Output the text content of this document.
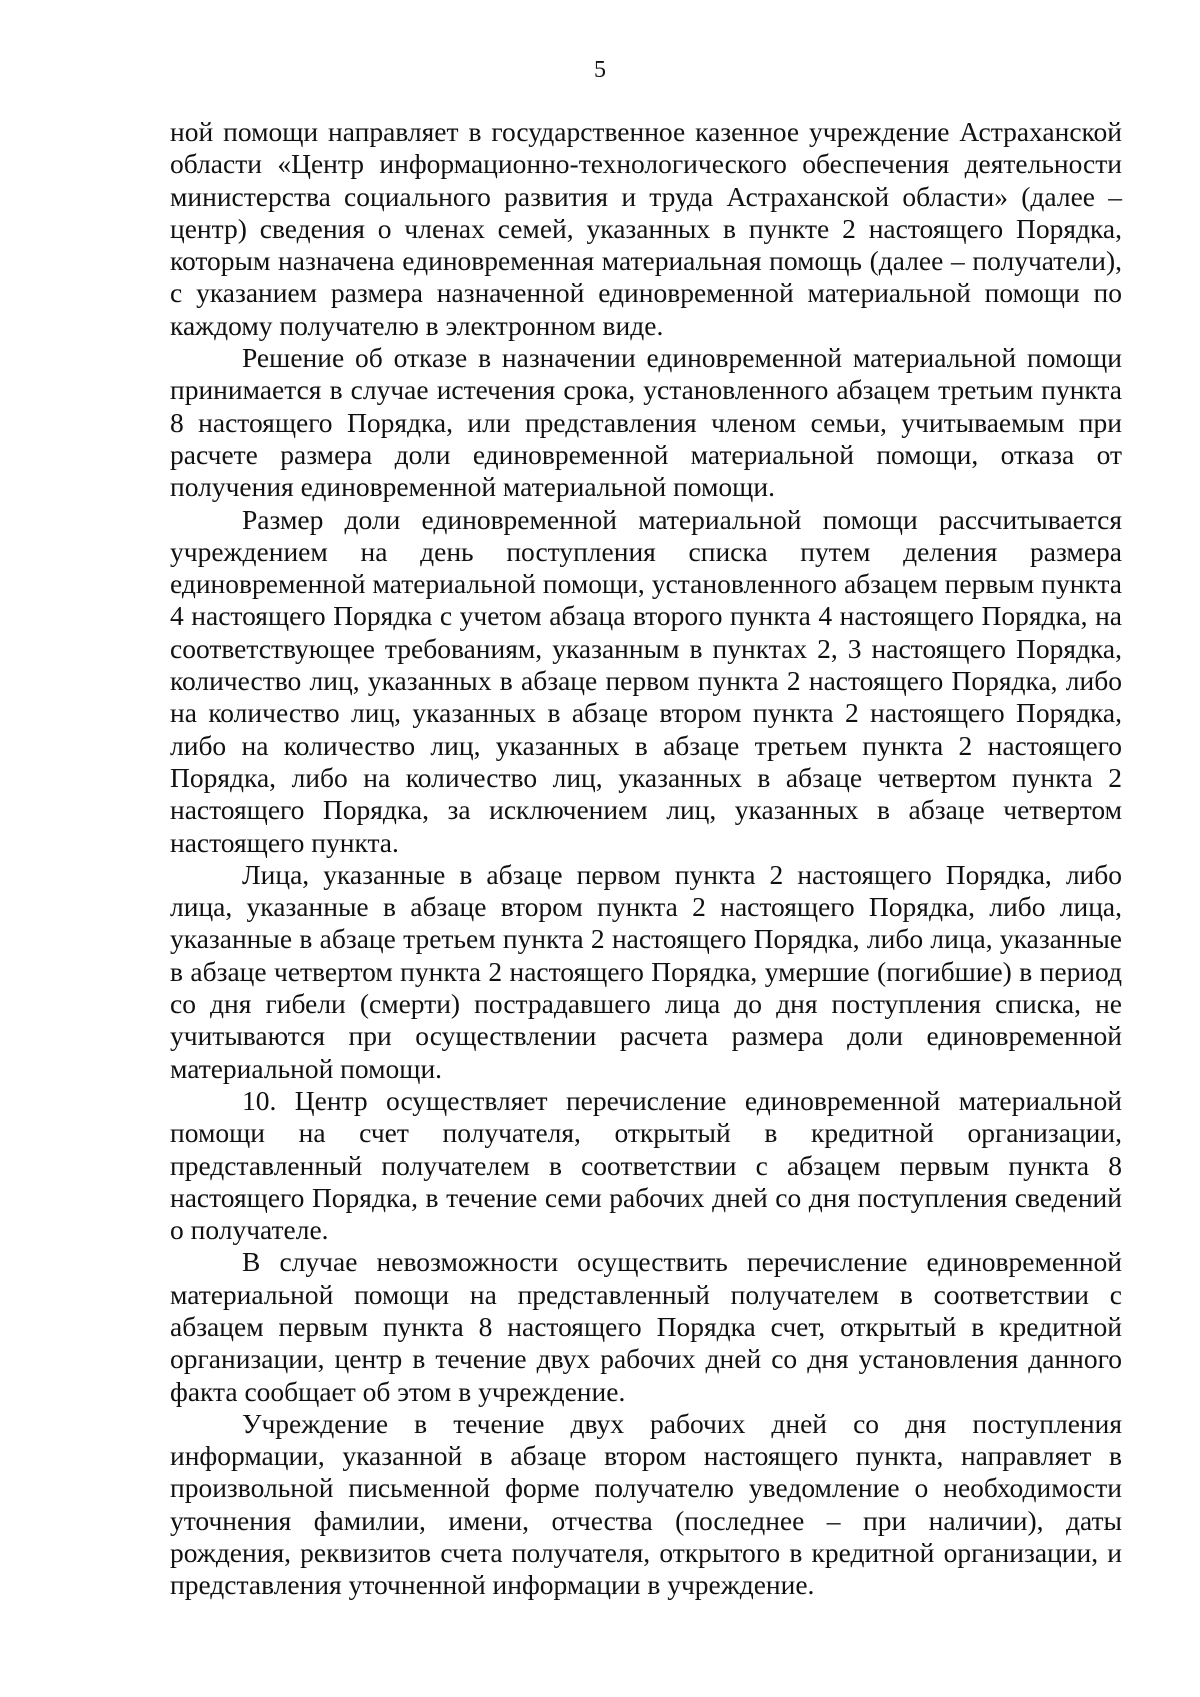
5

ной помощи направляет в государственное казенное учреждение Астраханской области «Центр информационно-технологического обеспечения деятельности министерства социального развития и труда Астраханской области» (далее – центр) сведения о членах семей, указанных в пункте 2 настоящего Порядка, которым назначена единовременная материальная помощь (далее – получатели), с указанием размера назначенной единовременной материальной помощи по каждому получателю в электронном виде.

Решение об отказе в назначении единовременной материальной помощи принимается в случае истечения срока, установленного абзацем третьим пункта 8 настоящего Порядка, или представления членом семьи, учитываемым при расчете размера доли единовременной материальной помощи, отказа от получения единовременной материальной помощи.

Размер доли единовременной материальной помощи рассчитывается учреждением на день поступления списка путем деления размера единовременной материальной помощи, установленного абзацем первым пункта 4 настоящего Порядка с учетом абзаца второго пункта 4 настоящего Порядка, на соответствующее требованиям, указанным в пунктах 2, 3 настоящего Порядка, количество лиц, указанных в абзаце первом пункта 2 настоящего Порядка, либо на количество лиц, указанных в абзаце втором пункта 2 настоящего Порядка, либо на количество лиц, указанных в абзаце третьем пункта 2 настоящего Порядка, либо на количество лиц, указанных в абзаце четвертом пункта 2 настоящего Порядка, за исключением лиц, указанных в абзаце четвертом настоящего пункта.

Лица, указанные в абзаце первом пункта 2 настоящего Порядка, либо лица, указанные в абзаце втором пункта 2 настоящего Порядка, либо лица, указанные в абзаце третьем пункта 2 настоящего Порядка, либо лица, указанные в абзаце четвертом пункта 2 настоящего Порядка, умершие (погибшие) в период со дня гибели (смерти) пострадавшего лица до дня поступления списка, не учитываются при осуществлении расчета размера доли единовременной материальной помощи.

10. Центр осуществляет перечисление единовременной материальной помощи на счет получателя, открытый в кредитной организации, представленный получателем в соответствии с абзацем первым пункта 8 настоящего Порядка, в течение семи рабочих дней со дня поступления сведений о получателе.

В случае невозможности осуществить перечисление единовременной материальной помощи на представленный получателем в соответствии с абзацем первым пункта 8 настоящего Порядка счет, открытый в кредитной организации, центр в течение двух рабочих дней со дня установления данного факта сообщает об этом в учреждение.

Учреждение в течение двух рабочих дней со дня поступления информации, указанной в абзаце втором настоящего пункта, направляет в произвольной письменной форме получателю уведомление о необходимости уточнения фамилии, имени, отчества (последнее – при наличии), даты рождения, реквизитов счета получателя, открытого в кредитной организации, и представления уточненной информации в учреждение.
